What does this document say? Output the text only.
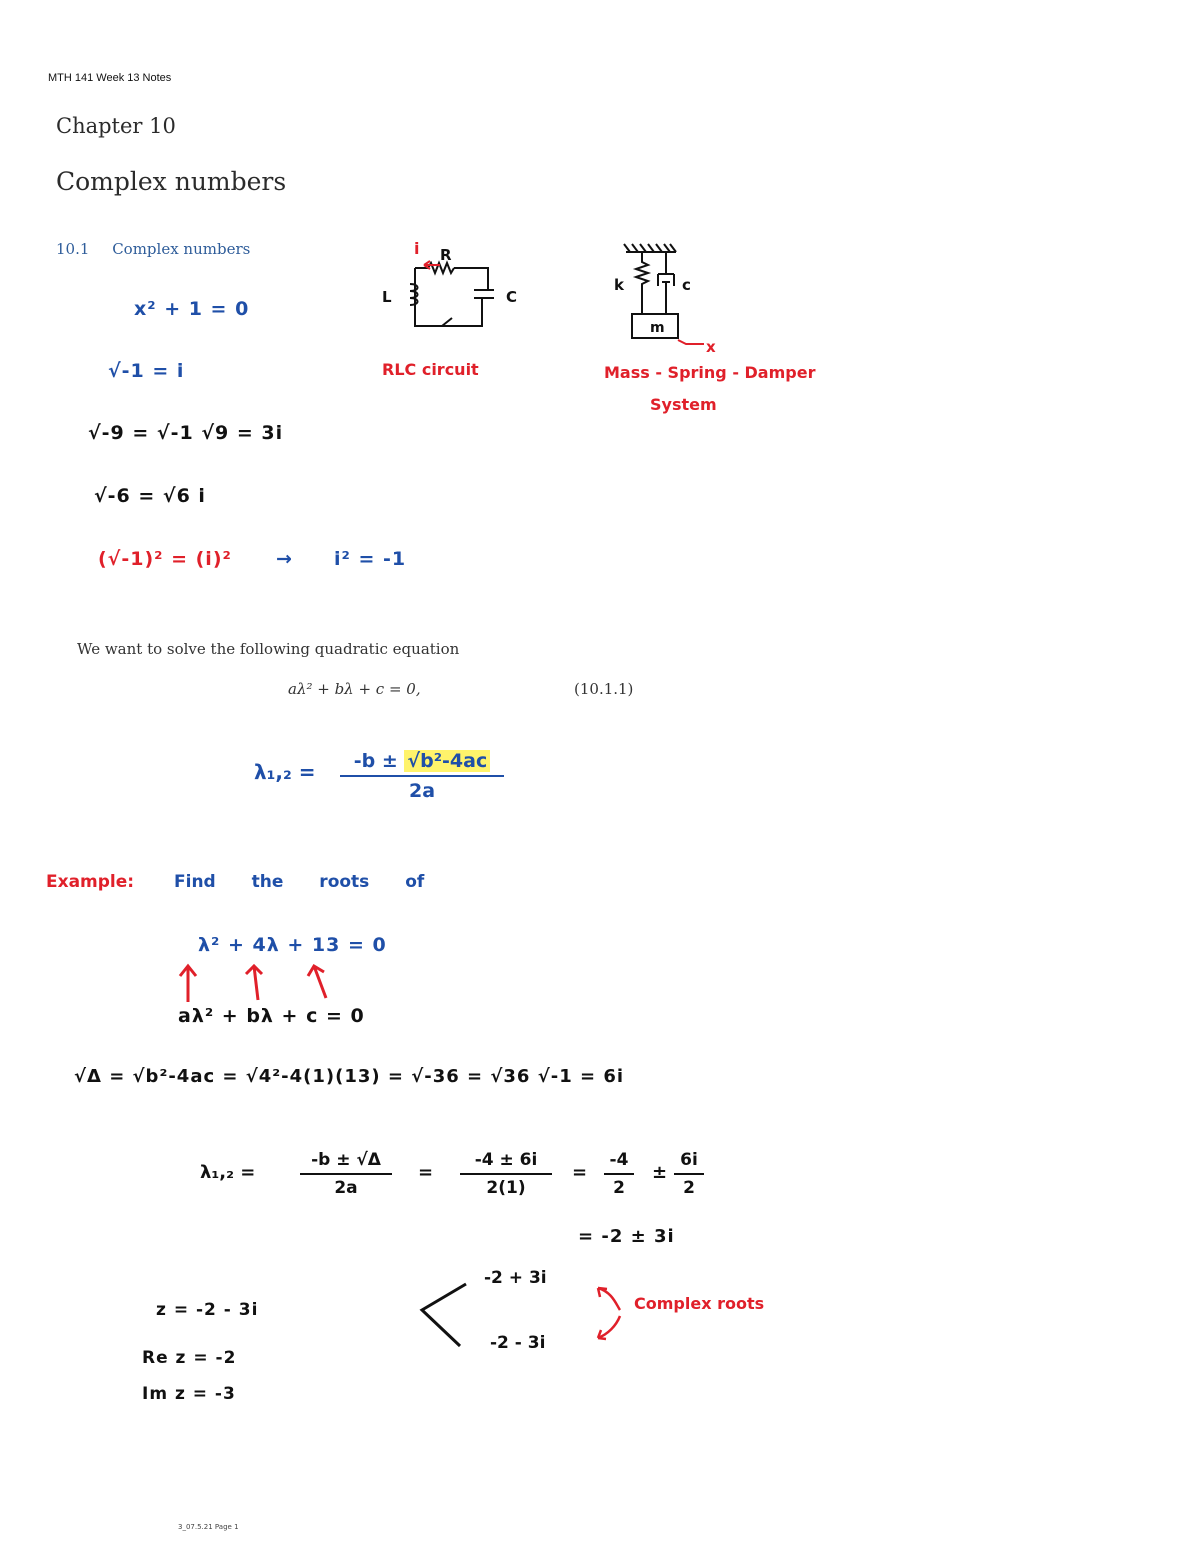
MTH 141 Week 13 Notes
Chapter 10
Complex numbers
10.1 Complex numbers	i R
L	C
RLC circuit
k	c
m
x
Mass - Spring - Damper
System
x² + 1 = 0
√-1 = i
√-9 = √-1 √9 = 3i
√-6 = √6 i
(√-1)² = (i)² → i² = -1
We want to solve the following quadratic equation
aλ² + bλ + c = 0,	(10.1.1)
λ₁,₂ =	-b ± √b²-4ac
2a
Example: Find the roots of
λ² + 4λ + 13 = 0
aλ² + bλ + c = 0
√Δ = √b²-4ac = √4²-4(1)(13) = √-36 = √36 √-1 = 6i
λ₁,₂ =
-b ± √Δ
2a
=
-4 ± 6i
2(1)
=
-4
2
±
6i
2
= -2 ± 3i
-2 + 3i
-2 - 3i
Complex roots
z = -2 - 3i
Re z = -2
Im z = -3
3_07.5.21 Page 1
